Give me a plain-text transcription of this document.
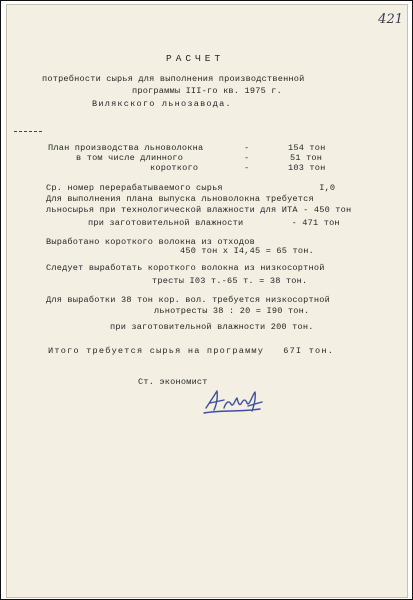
421
РАСЧЕТ
потребности сырья для выполнения производственной
программы III-го кв. 1975 г.
Вилякского льнозавода.
План производства льноволокна	-	154 тон
в том числе длинного	-	51 тон
короткого	-	103 тон
Ср. номер перерабатываемого сырья                  I,0
Для выполнения плана выпуска льноволокна требуется
льносырья при технологической влажности для ИТА - 450 тон
при заготовительной влажности         - 471 тон
Выработано короткого волокна из отходов
450 тон х I4,45 = 65 тон.
Следует выработать короткого волокна из низкосортной
тресты I03 т.-65 т. = 38 тон.
Для выработки 38 тон кор. вол. требуется низкосортной
льнотресты 38 : 20 = I90 тон.
при заготовительной влажности 200 тон.
Итого требуется сырья на программу   67I тон.
Ст. экономист
